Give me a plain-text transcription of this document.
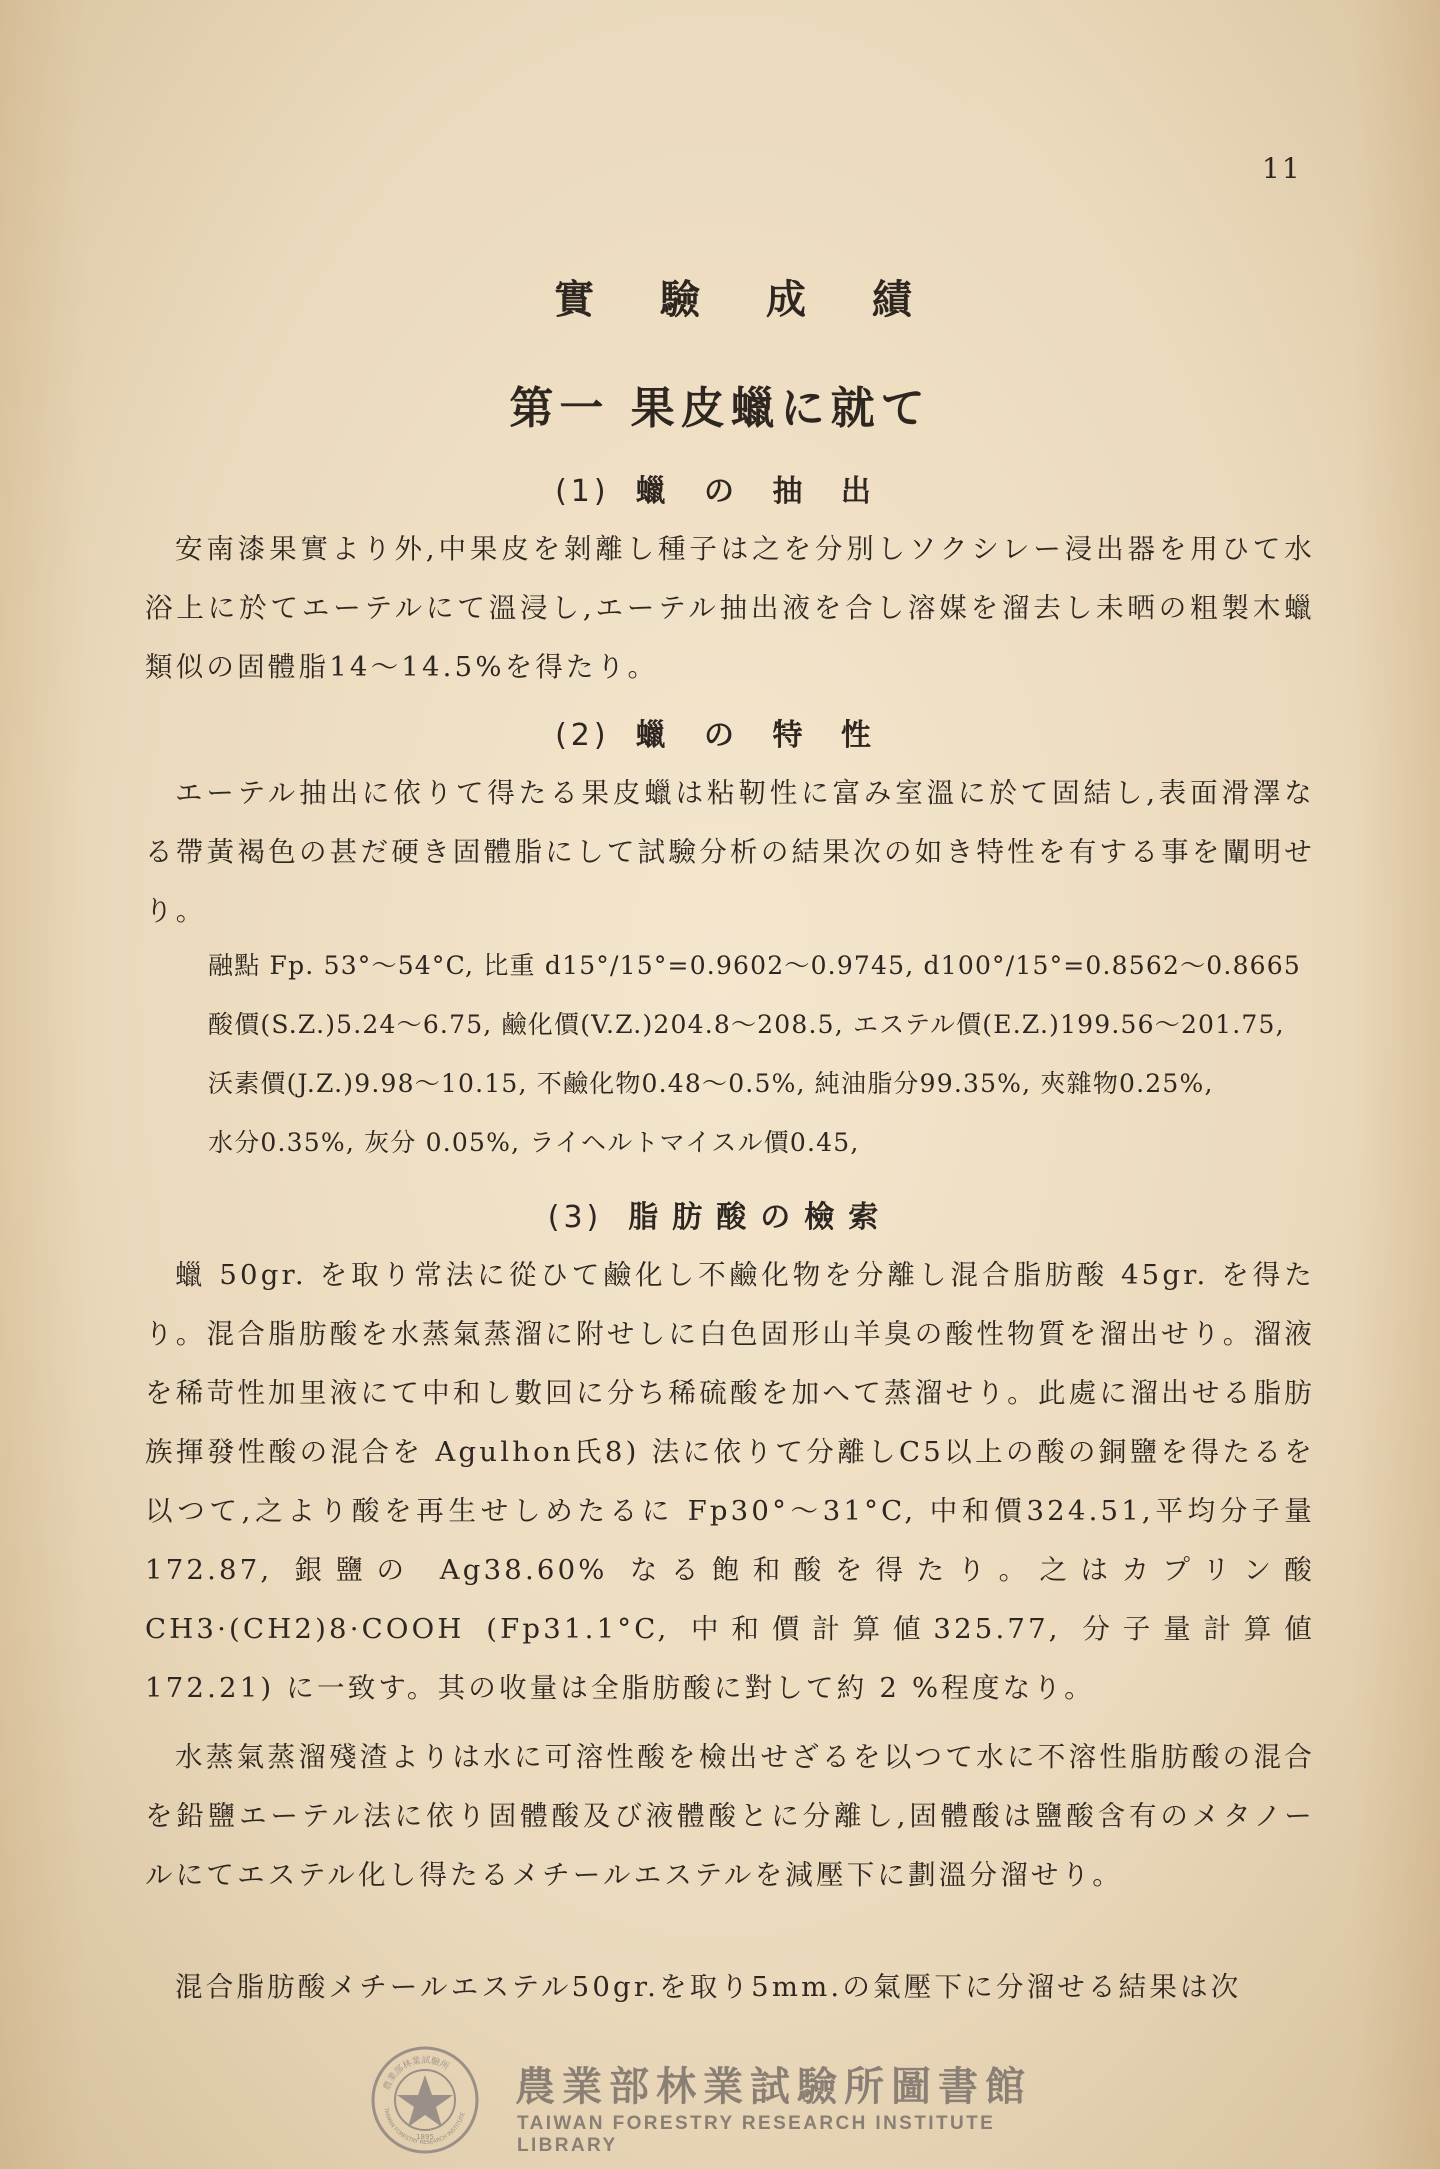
11
實 驗 成 績
第一 果皮蠟に就て
(1) 蠟 の 抽 出

安南漆果實より外,中果皮を剝離し種子は之を分別しソクシレー浸出器を用ひて水浴上に於てエーテルにて溫浸し,エーテル抽出液を合し溶媒を溜去し未晒の粗製木蠟類似の固體脂14〜14.5%を得たり。

(2) 蠟 の 特 性

エーテル抽出に依りて得たる果皮蠟は粘靭性に富み室溫に於て固結し,表面滑澤なる帶黃褐色の甚だ硬き固體脂にして試驗分析の結果次の如き特性を有する事を闡明せり。

融點 Fp. 53°〜54°C, 比重 d15°/15°=0.9602〜0.9745, d100°/15°=0.8562〜0.8665
酸價(S.Z.)5.24〜6.75, 鹼化價(V.Z.)204.8〜208.5, エステル價(E.Z.)199.56〜201.75,
沃素價(J.Z.)9.98〜10.15, 不鹼化物0.48〜0.5%, 純油脂分99.35%, 夾雜物0.25%,
水分0.35%, 灰分 0.05%, ライヘルトマイスル價0.45,
(3) 脂肪酸の檢索

蠟 50gr. を取り常法に從ひて鹼化し不鹼化物を分離し混合脂肪酸 45gr. を得たり。混合脂肪酸を水蒸氣蒸溜に附せしに白色固形山羊臭の酸性物質を溜出せり。溜液を稀苛性加里液にて中和し數回に分ち稀硫酸を加へて蒸溜せり。此處に溜出せる脂肪族揮發性酸の混合を Agulhon氏8) 法に依りて分離しC5以上の酸の銅鹽を得たるを以つて,之より酸を再生せしめたるに Fp30°〜31°C, 中和價324.51,平均分子量 172.87, 銀鹽の Ag38.60% なる飽和酸を得たり。之はカプリン酸 CH3·(CH2)8·COOH (Fp31.1°C, 中和價計算値325.77, 分子量計算値 172.21) に一致す。其の收量は全脂肪酸に對して約 2 %程度なり。

水蒸氣蒸溜殘渣よりは水に可溶性酸を檢出せざるを以つて水に不溶性脂肪酸の混合を鉛鹽エーテル法に依り固體酸及び液體酸とに分離し,固體酸は鹽酸含有のメタノールにてエステル化し得たるメチールエステルを減壓下に劃溫分溜せり。

混合脂肪酸メチールエステル50gr.を取り5mm.の氣壓下に分溜せる結果は次

農業部林業試驗所
TAIWAN FORESTRY RESEARCH INSTITUTE
1895
農業部林業試驗所圖書館
TAIWAN FORESTRY RESEARCH INSTITUTE LIBRARY
